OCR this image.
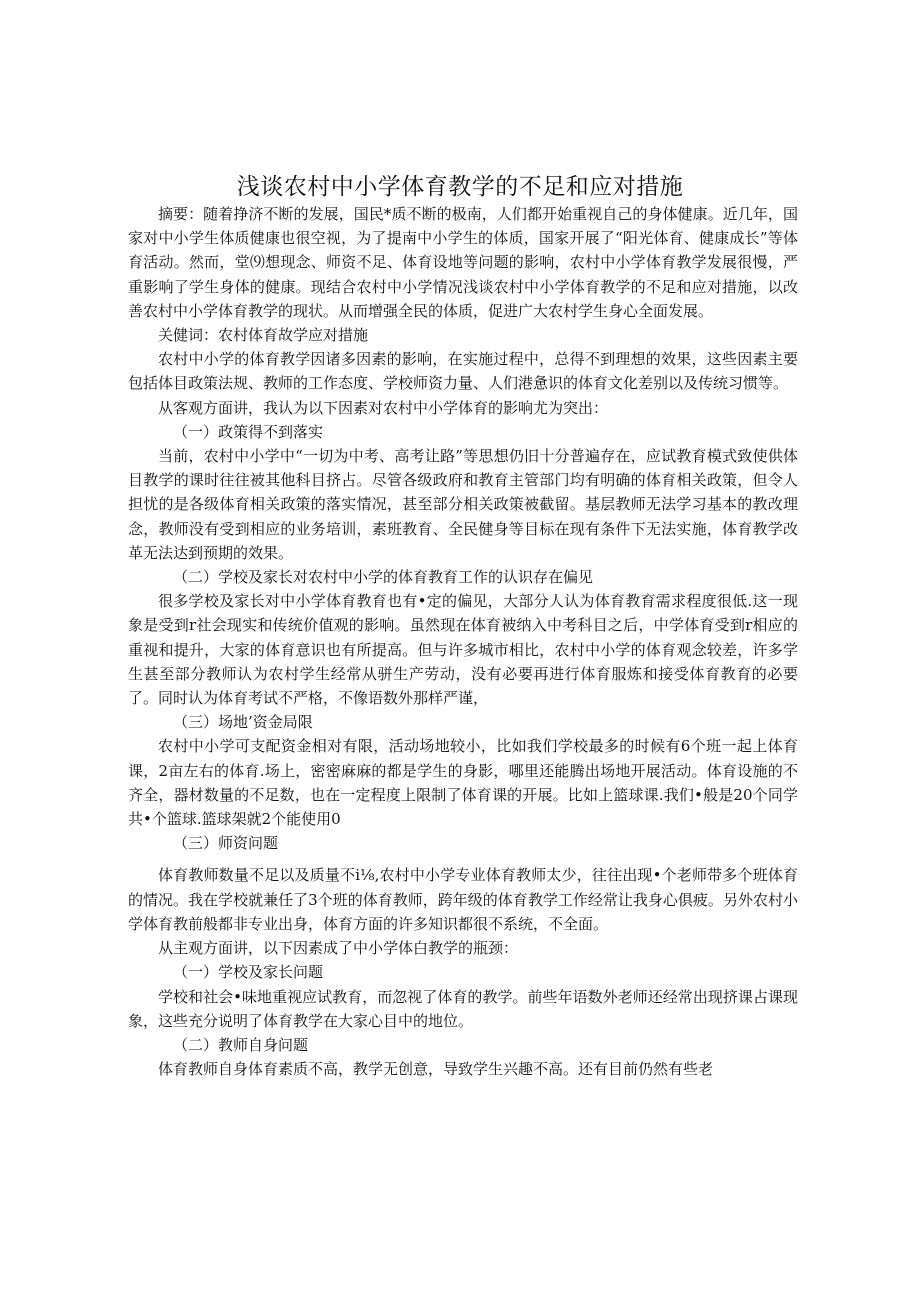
浅谈农村中小学体育教学的不足和应对措施

摘要：随着挣济不断的发展，国民*质不断的极南，人们都开始重视自己的身体健康。近几年，国家对中小学生体质健康也很空视，为了提南中小学生的体质，国家开展了“阳光体育、健康成长”等体育活动。然而，堂⑼想现念、师资不足、体育设地等问题的影响，农村中小学体育教学发展很慢，严重影响了学生身体的健康。现结合农村中小学情况浅谈农村中小学体育教学的不足和应对措施，以改善农村中小学体育教学的现状。从而增强全民的体质，促进广大农村学生身心全面发展。

关健词：农村体育故学应对措施

农村中小学的体育教学因诸多因素的影响，在实施过程中，总得不到理想的效果，这些因素主要包括体目政策法规、教师的工作态度、学校师资力量、人们港惫识的体育文化差别以及传统习惯等。

从客观方面讲，我认为以下因素对农村中小学体育的影响尤为突出：

（一）政策得不到落实

当前，农村中小学中“一切为中考、高考让路”等思想仍旧十分普遍存在，应试教育模式致使供体目教学的课时往往被其他科目挤占。尽管各级政府和教育主管部门均有明确的体育相关政策，但令人担忧的是各级体育相关政策的落实情况，甚至部分相关政策被截留。基层教师无法学习基本的教改理念，教师没有受到相应的业务培训，素班教育、全民健身等目标在现有条件下无法实施，体育教学改革无法达到预期的效果。

（二）学校及家长对农村中小学的体育教育工作的认识存在偏见

很多学校及家长对中小学体育教育也有•定的偏见，大部分人认为体育教育需求程度很低.这一现象是受到r社会现实和传统价值观的影响。虽然现在体育被纳入中考科目之后，中学体育受到r相应的重视和提升，大家的体育意识也有所提高。但与许多城市相比，农村中小学的体育观念较差，许多学生甚至部分教师认为农村学生经常从骈生产劳动，没有必要再进行体育服炼和接受体育教育的必要了。同时认为体育考试不严格，不像语数外那样严谨，

（三）场地’资金局限

农村中小学可支配资金相对有限，活动场地较小，比如我们学校最多的时候有6个班一起上体育课，2亩左右的体育.场上，密密麻麻的都是学生的身影，哪里还能腾出场地开展活动。体育设施的不齐全，器材数量的不足数，也在一定程度上限制了体育课的开展。比如上篮球课.我们•般是20个同学共•个篮球.篮球架就2个能使用0

（三）师资问题

体育教师数量不足以及质量不i⅛,农村中小学专业体育教师太少，往往出现•个老师带多个班体育的情况。我在学校就兼任了3个班的体育教师，跨年级的体育教学工作经常让我身心俱疲。另外农村小学体育教前般都非专业出身，体育方面的许多知识都很不系统，不全面。

从主观方面讲，以下因素成了中小学体白教学的瓶颈：

（一）学校及家长问题

学校和社会•味地重视应试教育，而忽视了体育的教学。前些年语数外老师还经常出现挤课占课现象，这些充分说明了体育教学在大家心目中的地位。

（二）教师自身问题

体育教师自身体育素质不高，教学无创意，导致学生兴趣不高。还有目前仍然有些老
